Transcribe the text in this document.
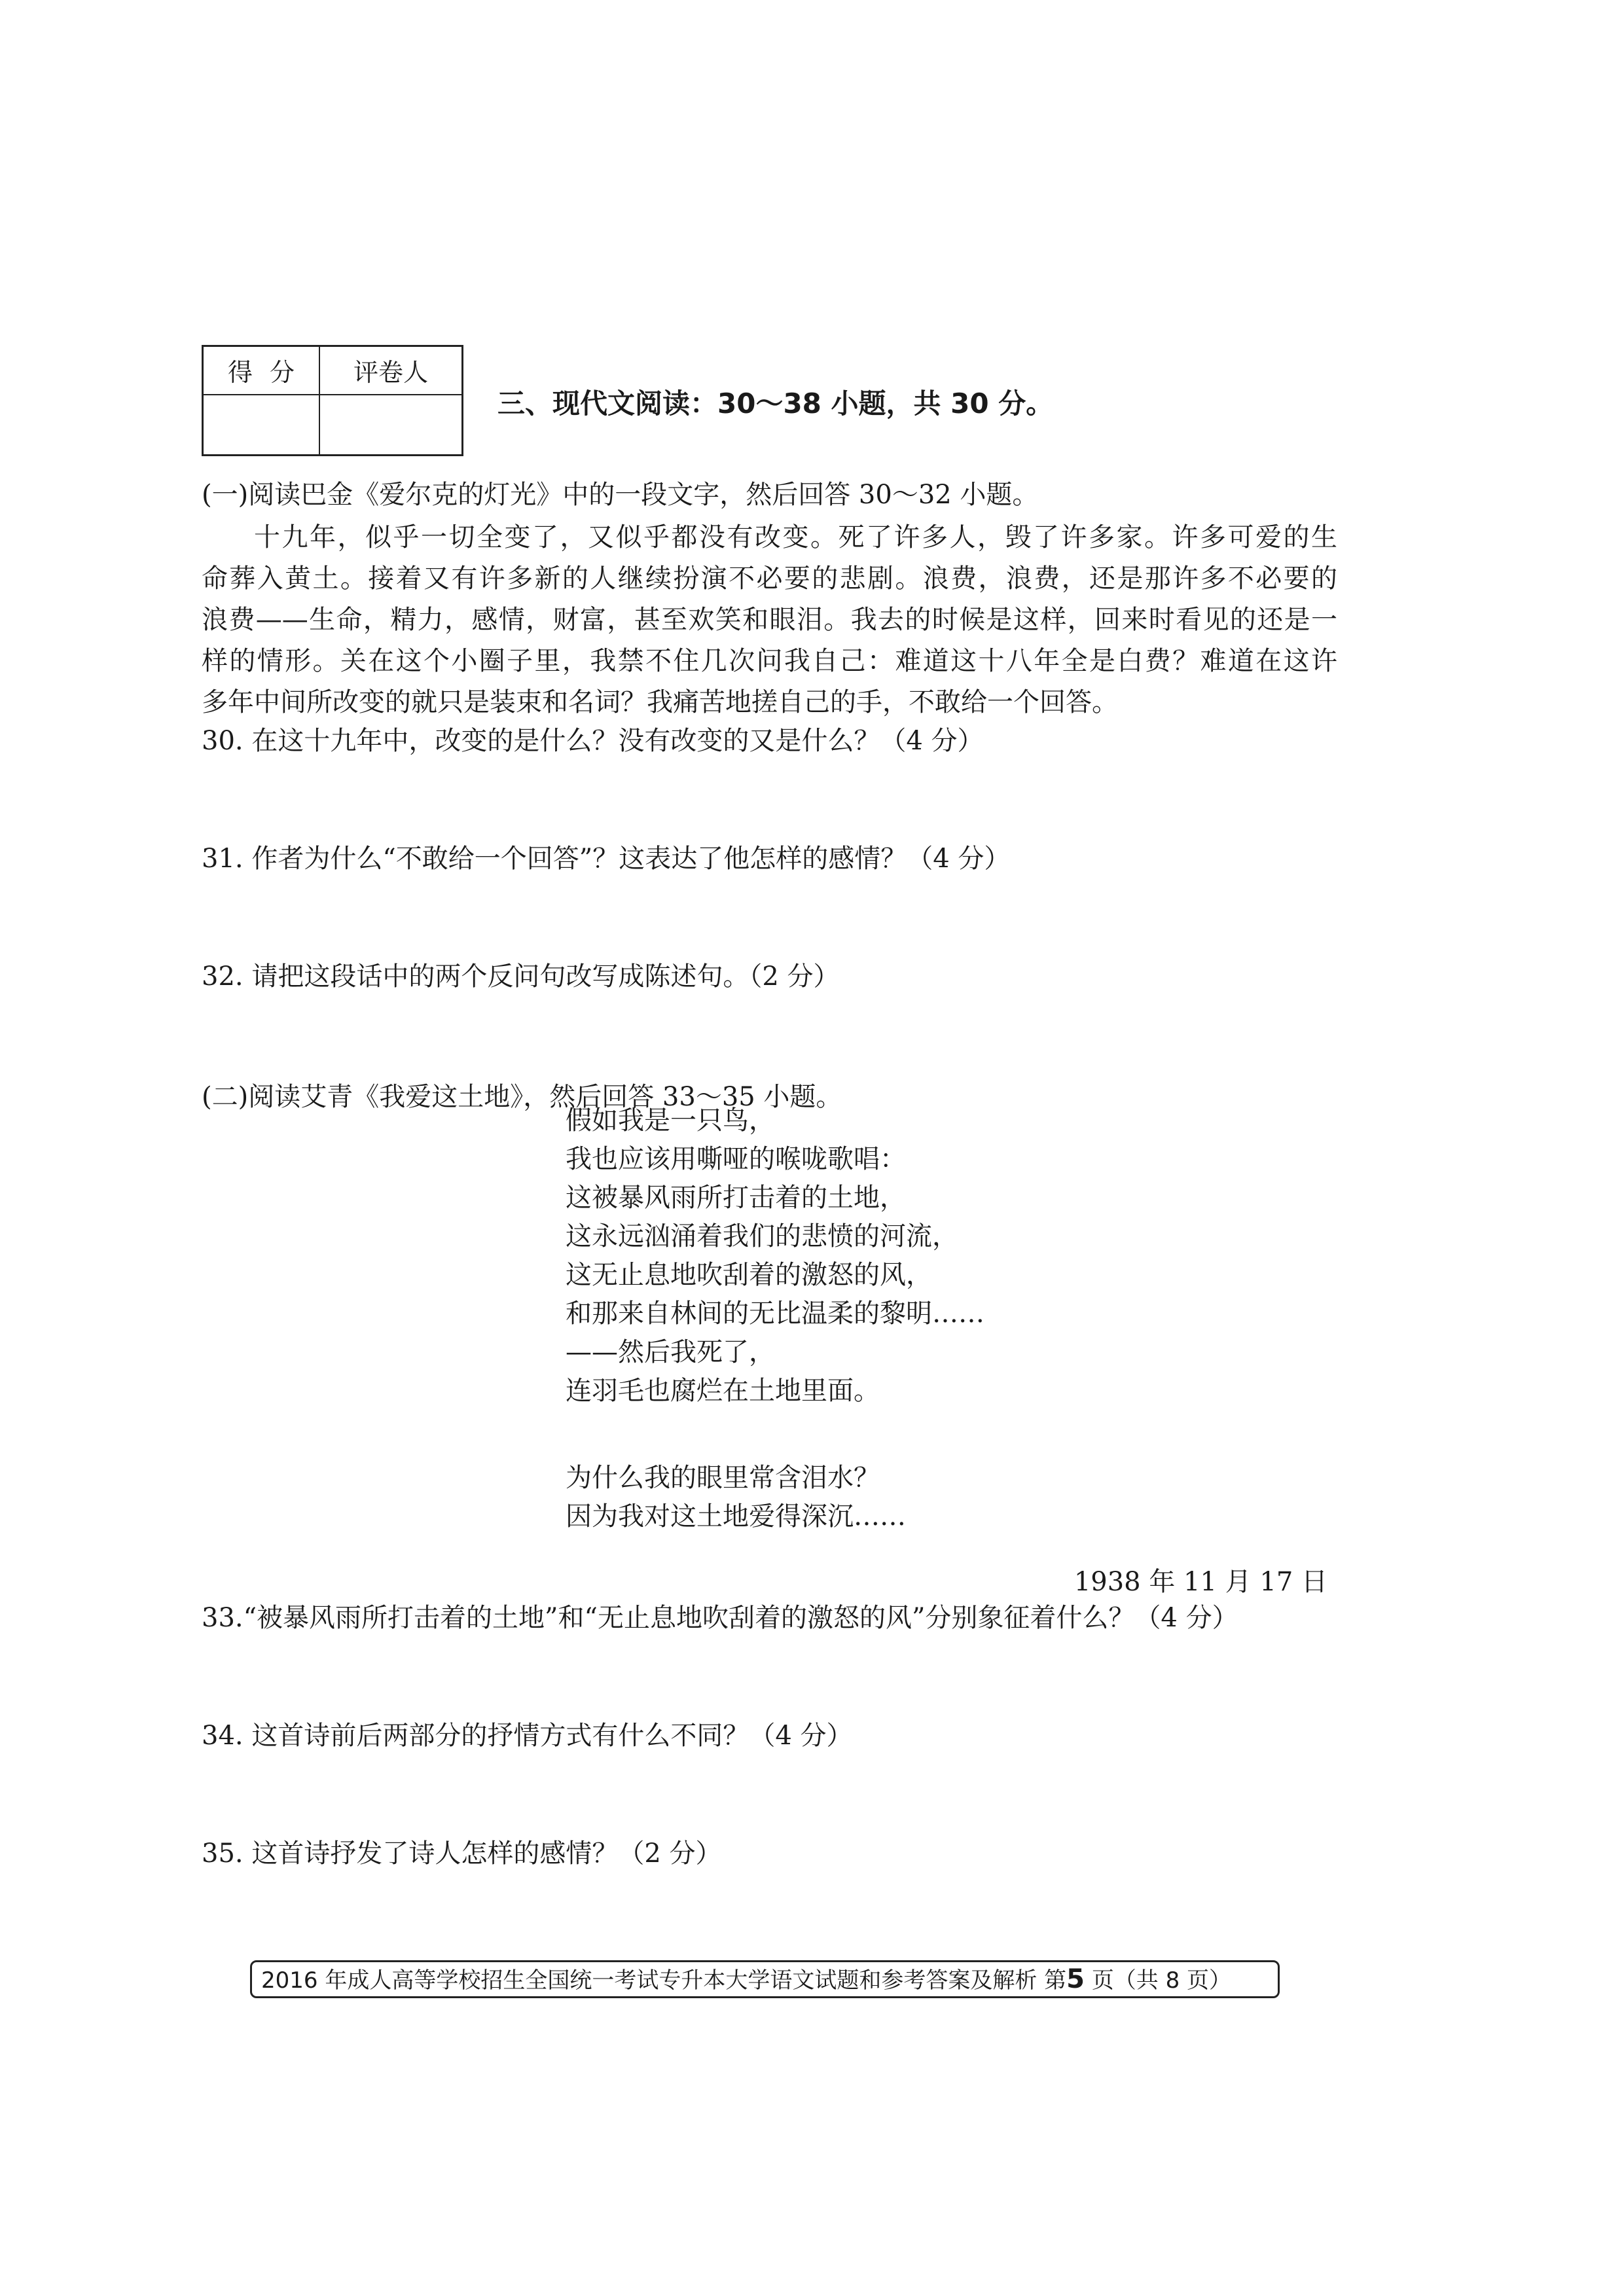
得分	评卷人
三、现代文阅读：30～38 小题，共 30 分。
(一)阅读巴金《爱尔克的灯光》中的一段文字，然后回答 30～32 小题。
十九年，似乎一切全变了，又似乎都没有改变。死了许多人，毁了许多家。许多可爱的生
命葬入黄土。接着又有许多新的人继续扮演不必要的悲剧。浪费，浪费，还是那许多不必要的
浪费——生命，精力，感情，财富，甚至欢笑和眼泪。我去的时候是这样，回来时看见的还是一
样的情形。关在这个小圈子里，我禁不住几次问我自己：难道这十八年全是白费？难道在这许
多年中间所改变的就只是装束和名词？我痛苦地搓自己的手，不敢给一个回答。
30. 在这十九年中，改变的是什么？没有改变的又是什么？（4 分）
31. 作者为什么“不敢给一个回答”？这表达了他怎样的感情？（4 分）
32. 请把这段话中的两个反问句改写成陈述句。（2 分）
(二)阅读艾青《我爱这土地》，然后回答 33～35 小题。
假如我是一只鸟，
我也应该用嘶哑的喉咙歌唱：
这被暴风雨所打击着的土地，
这永远汹涌着我们的悲愤的河流，
这无止息地吹刮着的激怒的风，
和那来自林间的无比温柔的黎明……
——然后我死了，
连羽毛也腐烂在土地里面。
为什么我的眼里常含泪水？
因为我对这土地爱得深沉……
1938 年 11 月 17 日
33.“被暴风雨所打击着的土地”和“无止息地吹刮着的激怒的风”分别象征着什么？（4 分）
34. 这首诗前后两部分的抒情方式有什么不同？（4 分）
35. 这首诗抒发了诗人怎样的感情？（2 分）
2016 年成人高等学校招生全国统一考试专升本大学语文试题和参考答案及解析 第5 页（共 8 页）
